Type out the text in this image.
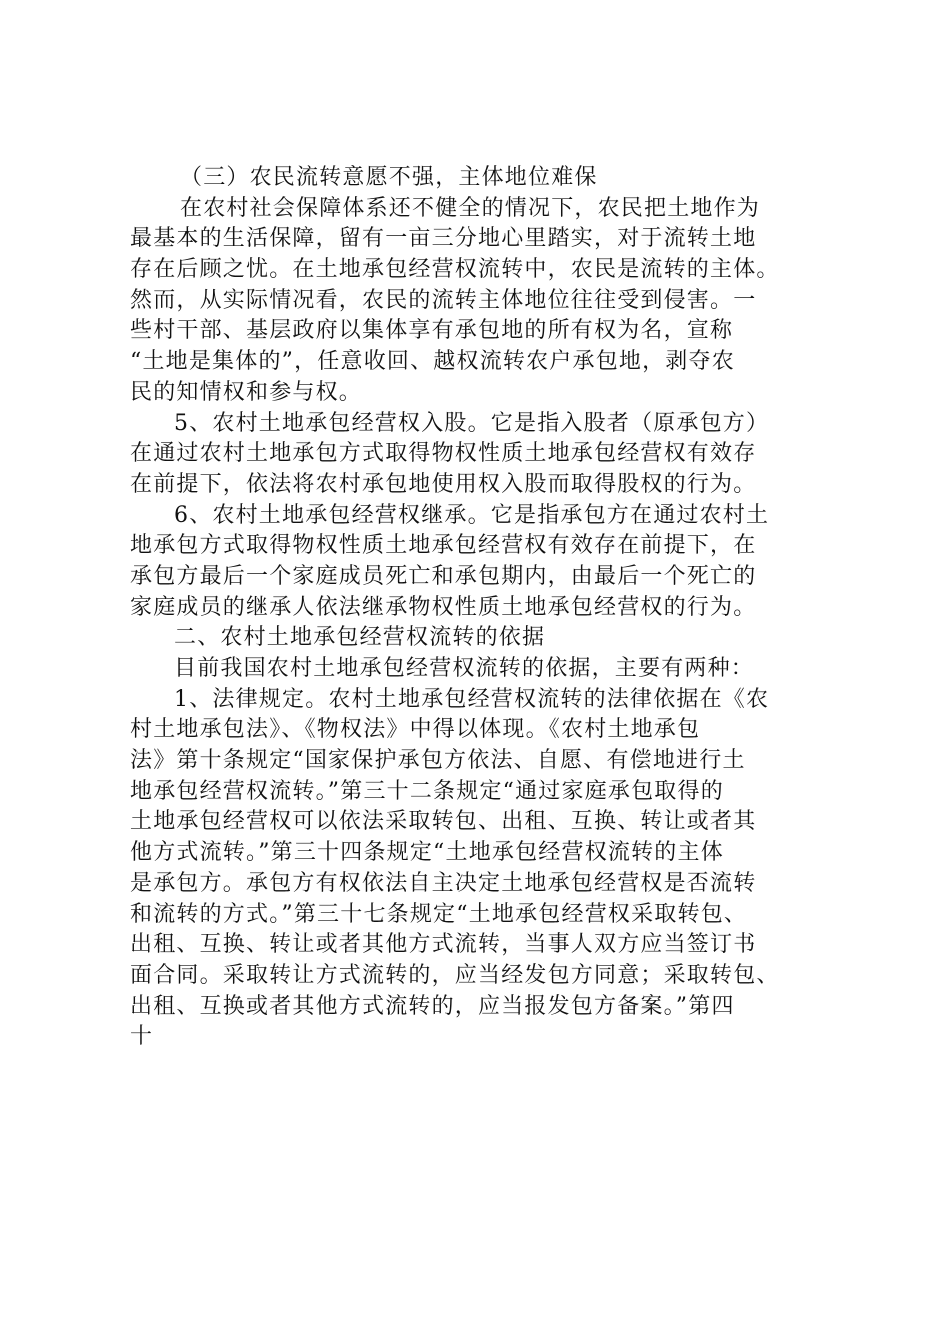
（三）农民流转意愿不强，主体地位难保
在农村社会保障体系还不健全的情况下，农民把土地作为
最基本的生活保障，留有一亩三分地心里踏实，对于流转土地
存在后顾之忧。在土地承包经营权流转中，农民是流转的主体。
然而，从实际情况看，农民的流转主体地位往往受到侵害。一
些村干部、基层政府以集体享有承包地的所有权为名，宣称
“土地是集体的”，任意收回、越权流转农户承包地，剥夺农
民的知情权和参与权。
5、农村土地承包经营权入股。它是指入股者（原承包方）
在通过农村土地承包方式取得物权性质土地承包经营权有效存
在前提下，依法将农村承包地使用权入股而取得股权的行为。
6、农村土地承包经营权继承。它是指承包方在通过农村土
地承包方式取得物权性质土地承包经营权有效存在前提下，在
承包方最后一个家庭成员死亡和承包期内，由最后一个死亡的
家庭成员的继承人依法继承物权性质土地承包经营权的行为。
二、农村土地承包经营权流转的依据
目前我国农村土地承包经营权流转的依据，主要有两种：
1、法律规定。农村土地承包经营权流转的法律依据在《农
村土地承包法》、《物权法》中得以体现。《农村土地承包
法》第十条规定“国家保护承包方依法、自愿、有偿地进行土
地承包经营权流转。”第三十二条规定“通过家庭承包取得的
土地承包经营权可以依法采取转包、出租、互换、转让或者其
他方式流转。”第三十四条规定“土地承包经营权流转的主体
是承包方。承包方有权依法自主决定土地承包经营权是否流转
和流转的方式。”第三十七条规定“土地承包经营权采取转包、
出租、互换、转让或者其他方式流转，当事人双方应当签订书
面合同。采取转让方式流转的，应当经发包方同意；采取转包、
出租、互换或者其他方式流转的，应当报发包方备案。”第四
十
